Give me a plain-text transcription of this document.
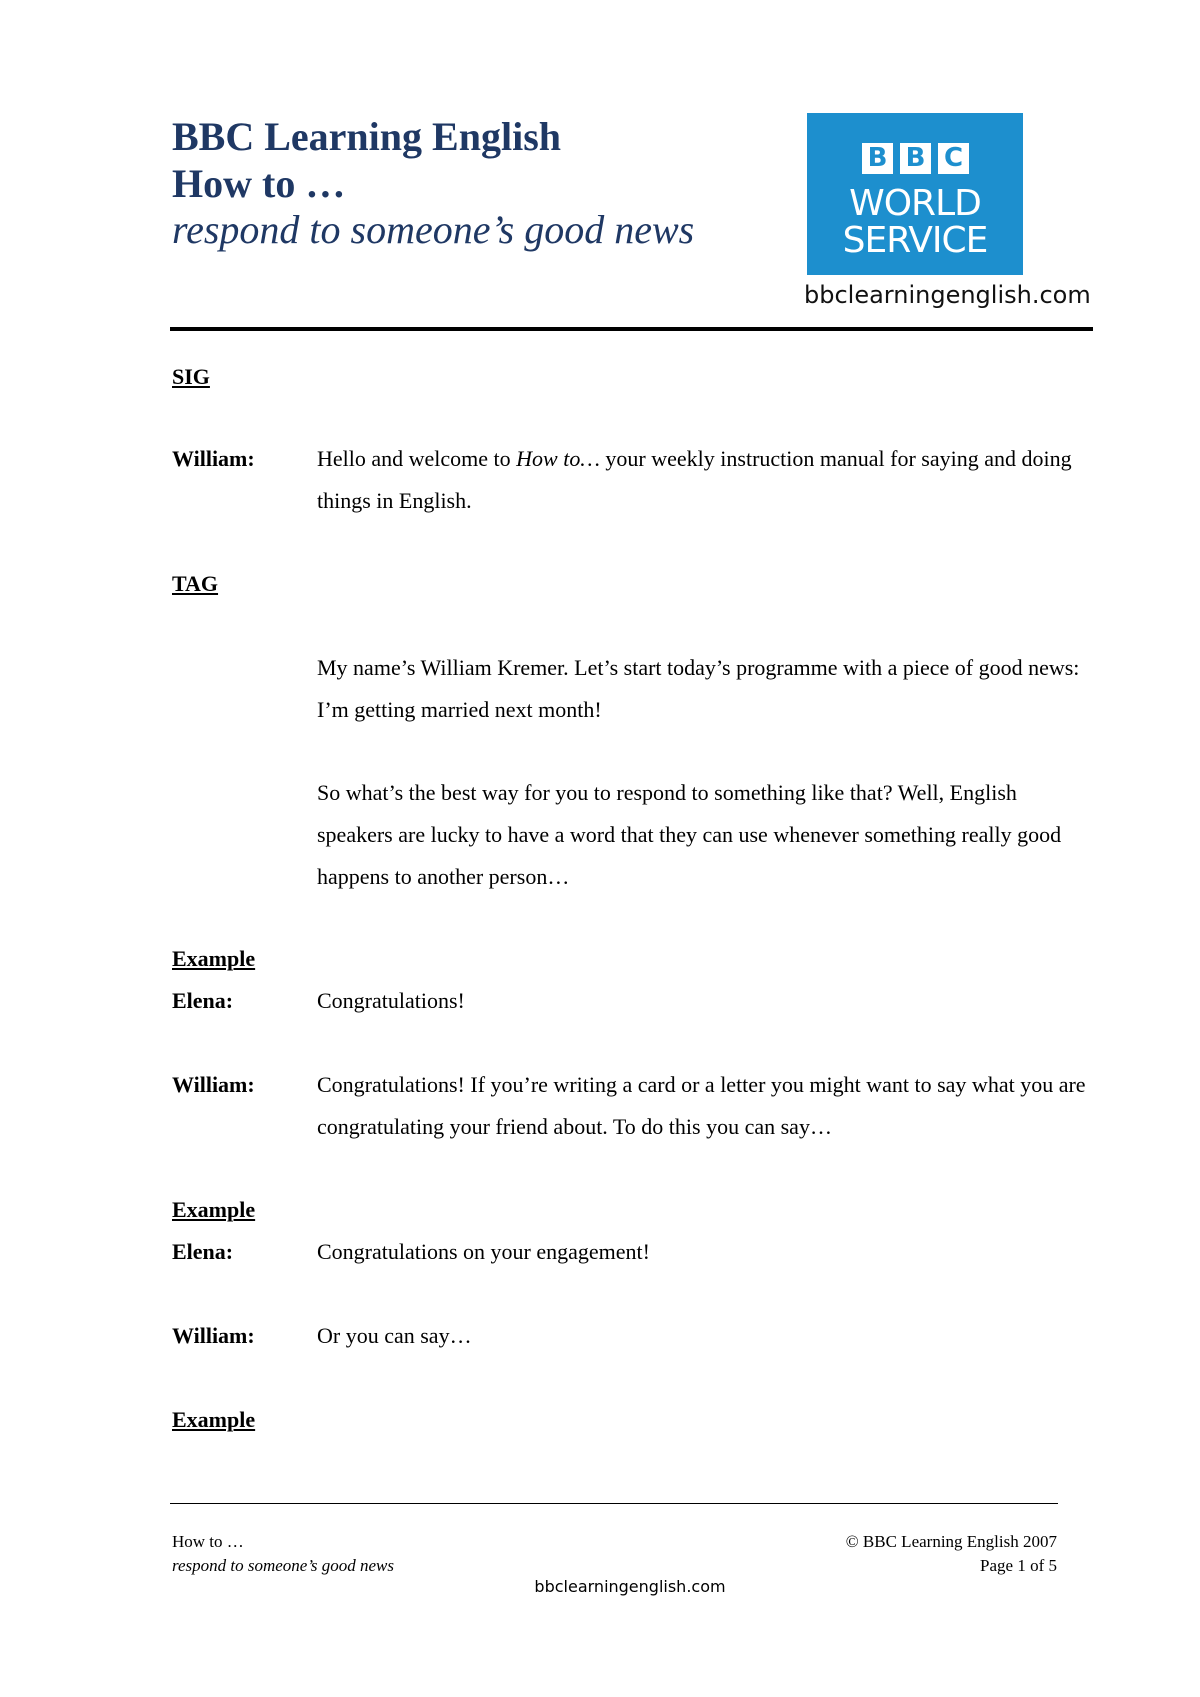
BBC Learning English
How to …
respond to someone’s good news
B B C
WORLD
SERVICE
bbclearningenglish.com
SIG
William:	Hello and welcome to How to… your weekly instruction manual for saying and doing things in English.
TAG
My name’s William Kremer. Let’s start today’s programme with a piece of good news: I’m getting married next month!
So what’s the best way for you to respond to something like that? Well, English speakers are lucky to have a word that they can use whenever something really good happens to another person…
Example
Elena:	Congratulations!
William:	Congratulations! If you’re writing a card or a letter you might want to say what you are congratulating your friend about. To do this you can say…
Example
Elena:	Congratulations on your engagement!
William:	Or you can say…
Example
How to …
respond to someone’s good news
© BBC Learning English 2007
Page 1 of 5
bbclearningenglish.com
